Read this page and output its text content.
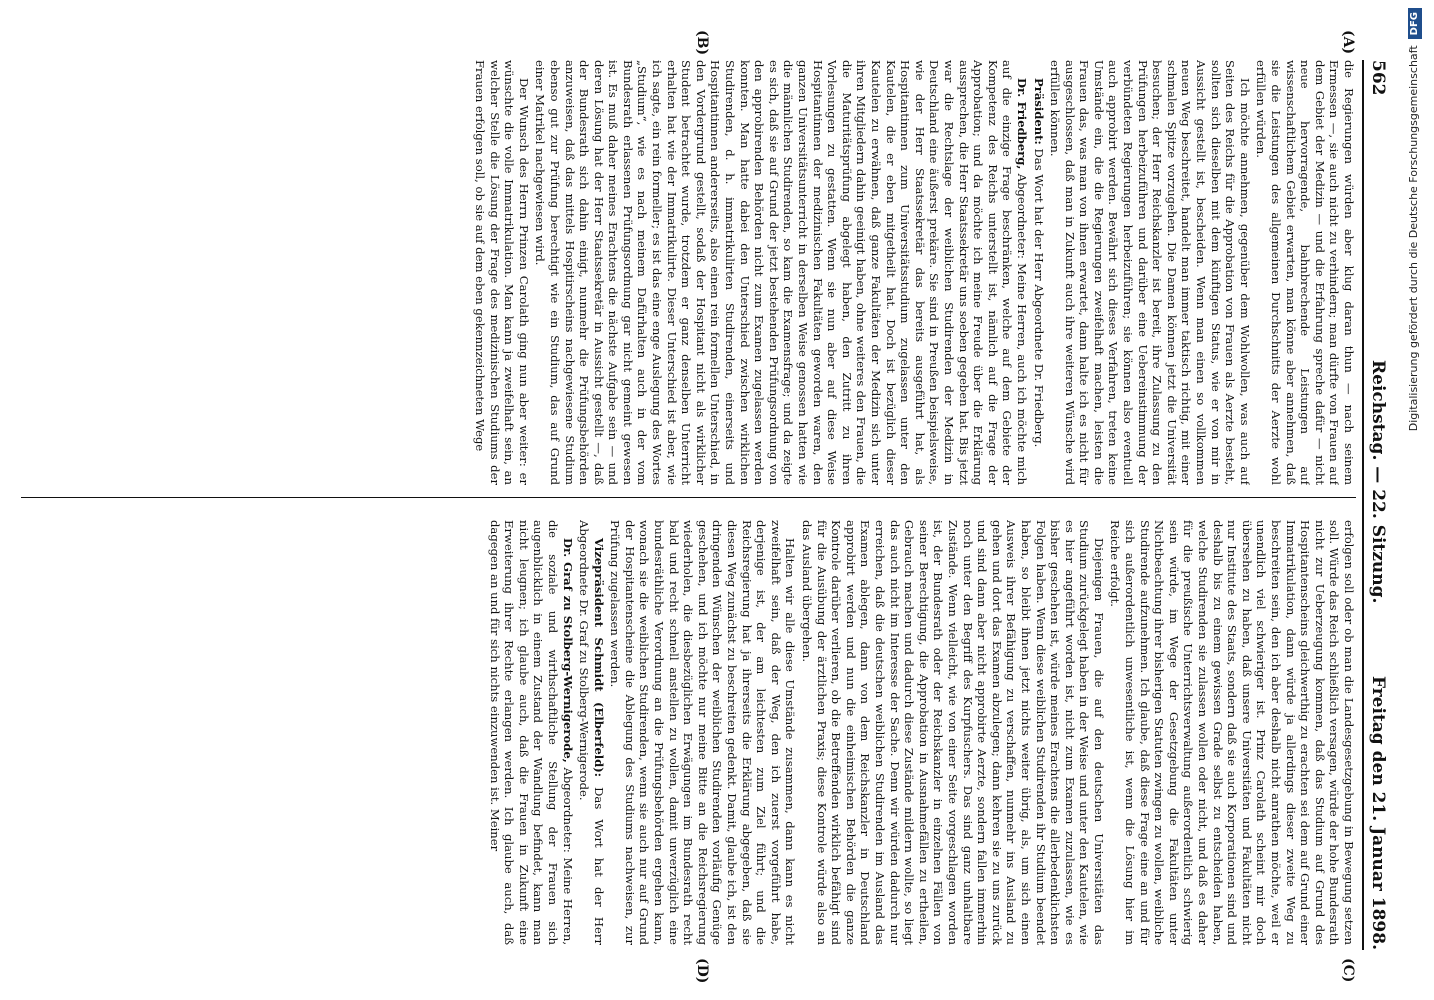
562
Reichstag. — 22. Sitzung.
Freitag den 21. Januar 1898.
(A)
(B)
(C)
(D)

die Regierungen würden aber klug daran thun — nach seinem Ermessen —, sie auch nicht zu verhindern; man dürfte von Frauen auf dem Gebiet der Medizin — und die Erfahrung spreche dafür — nicht neue hervorragende, bahnbrechende Leistungen auf wissenschaftlichem Gebiet erwarten, man könne aber annehmen, daß sie die Leistungen des allgemeinen Durchschnitts der Aerzte wohl erfüllen würden.

Ich möchte annehmen, gegenüber dem Wohlwollen, was auch auf Seiten des Reichs für die Approbation von Frauen als Aerzte besteht, sollten sich dieselben mit dem künftigen Status, wie er von mir in Aussicht gestellt ist, bescheiden. Wenn man einen so vollkommen neuen Weg beschreitet, handelt man immer taktisch richtig, mit einer schmalen Spitze vorzugehen. Die Damen können jetzt die Universität besuchen; der Herr Reichskanzler ist bereit, ihre Zulassung zu den Prüfungen herbeizuführen und darüber eine Uebereinstimmung der verbündeten Regierungen herbeizuführen; sie können also eventuell auch approbirt werden. Bewährt sich dieses Verfahren, treten keine Umstände ein, die die Regierungen zweifelhaft machen, leisten die Frauen das, was man von ihnen erwartet, dann halte ich es nicht für ausgeschlossen, daß man in Zukunft auch ihre weiteren Wünsche wird erfüllen können.

Präsident: Das Wort hat der Herr Abgeordnete Dr. Friedberg.

Dr. Friedberg, Abgeordneter: Meine Herren, auch ich möchte mich auf die einzige Frage beschränken, welche auf dem Gebiete der Kompetenz des Reichs unterstellt ist, nämlich auf die Frage der Approbation; und da möchte ich meine Freude über die Erklärung aussprechen, die Herr Staatssekretär uns soeben gegeben hat. Bis jetzt war die Rechtslage der weiblichen Studirenden der Medizin in Deutschland eine äußerst prekäre. Sie sind in Preußen beispielsweise, wie der Herr Staatssekretär das bereits ausgeführt hat, als Hospitantinnen zum Universitätsstudium zugelassen unter den Kautelen, die er eben mitgetheilt hat. Doch ist bezüglich dieser Kautelen zu erwähnen, daß ganze Fakultäten der Medizin sich unter ihren Mitgliedern dahin geeinigt haben, ohne weiteres den Frauen, die die Maturitätsprüfung abgelegt haben, den Zutritt zu ihren Vorlesungen zu gestatten. Wenn sie nun aber auf diese Weise Hospitantinnen der medizinischen Fakultäten geworden waren, den ganzen Universitätsunterricht in derselben Weise genossen hatten wie die männlichen Studirenden, so kam die Examensfrage; und da zeigte es sich, daß sie auf Grund der jetzt bestehenden Prüfungsordnung von den approbirenden Behörden nicht zum Examen zugelassen werden konnten. Man hatte dabei den Unterschied zwischen wirklichen Studirenden, d. h. immatrikulirten Studirenden, einerseits und Hospitantinnen andererseits, also einen rein formellen Unterschied, in den Vordergrund gestellt, sodaß der Hospitant nicht als wirklicher Student betrachtet wurde, trotzdem er ganz denselben Unterricht erhalten hat wie der Immatrikulirte. Dieser Unterschied ist aber, wie ich sagte, ein rein formeller; es ist das eine enge Auslegung des Wortes „Studium“, wie es nach meinem Dafürhalten auch in der vom Bundesrath erlassenen Prüfungsordnung gar nicht gemeint gewesen ist. Es muß daher meines Erachtens die nächste Aufgabe sein — und deren Lösung hat der Herr Staatssekretär in Aussicht gestellt —, daß der Bundesrath sich dahin einigt, nunmehr die Prüfungsbehörden anzuweisen, daß das mittels Hospitirscheins nachgewiesene Studium ebenso gut zur Prüfung berechtigt wie ein Studium, das auf Grund einer Matrikel nachgewiesen wird.

Der Wunsch des Herrn Prinzen Carolath ging nun aber weiter: er wünschte die volle Immatrikulation. Man kann ja zweifelhaft sein, an welcher Stelle die Lösung der Frage des medizinischen Studiums der Frauen erfolgen soll, ob sie auf dem eben gekennzeichneten Wege

erfolgen soll oder ob man die Landesgesetzgebung in Bewegung setzen soll. Würde das Reich schließlich versagen, würde der hohe Bundesrath nicht zur Ueberzeugung kommen, daß das Studium auf Grund des Hospitantenscheins gleichwerthig zu erachten sei dem auf Grund einer Immatrikulation, dann würde ja allerdings dieser zweite Weg zu beschreiten sein, den ich aber deshalb nicht anrathen möchte, weil er unendlich viel schwieriger ist. Prinz Carolath scheint mir doch übersehen zu haben, daß unsere Universitäten und Fakultäten nicht nur Institute des Staats, sondern daß sie auch Korporationen sind und deshalb bis zu einem gewissen Grade selbst zu entscheiden haben, welche Studirenden sie zulassen wollen oder nicht, und daß es daher für die preußische Unterrichtsverwaltung außerordentlich schwierig sein würde, im Wege der Gesetzgebung die Fakultäten unter Nichtbeachtung ihrer bisherigen Statuten zwingen zu wollen, weibliche Studirende aufzunehmen. Ich glaube, daß diese Frage eine an und für sich außerordentlich unwesentliche ist, wenn die Lösung hier im Reiche erfolgt.

Diejenigen Frauen, die auf den deutschen Universitäten das Studium zurückgelegt haben in der Weise und unter den Kautelen, wie es hier angeführt worden ist, nicht zum Examen zuzulassen, wie es bisher geschehen ist, würde meines Erachtens die allerbedenklichsten Folgen haben. Wenn diese weiblichen Studirenden ihr Studium beendet haben, so bleibt ihnen jetzt nichts weiter übrig, als, um sich einen Ausweis ihrer Befähigung zu verschaffen, nunmehr ins Ausland zu gehen und dort das Examen abzulegen; dann kehren sie zu uns zurück und sind dann aber nicht approbirte Aerzte, sondern fallen immerhin noch unter den Begriff des Kurpfuschers. Das sind ganz unhaltbare Zustände. Wenn vielleicht, wie von einer Seite vorgeschlagen worden ist, der Bundesrath oder der Reichskanzler in einzelnen Fällen von seiner Berechtigung, die Approbation in Ausnahmefällen zu ertheilen, Gebrauch machen und dadurch diese Zustände mildern wollte, so liegt das auch nicht im Interesse der Sache. Denn wir würden dadurch nur erreichen, daß die deutschen weiblichen Studirenden im Ausland das Examen ablegen, dann von dem Reichskanzler in Deutschland approbirt werden und nun die einheimischen Behörden die ganze Kontrole darüber verlieren, ob die Betreffenden wirklich befähigt sind für die Ausübung der ärztlichen Praxis; diese Kontrole würde also an das Ausland übergehen.

Halten wir alle diese Umstände zusammen, dann kann es nicht zweifelhaft sein, daß der Weg, den ich zuerst vorgeführt habe, derjenige ist, der am leichtesten zum Ziel führt; und die Reichsregierung hat ja ihrerseits die Erklärung abgegeben, daß sie diesen Weg zunächst zu beschreiten gedenkt. Damit, glaube ich, ist den dringenden Wünschen der weiblichen Studirenden vorläufig Genüge geschehen, und ich möchte nur meine Bitte an die Reichsregierung wiederholen, die diesbezüglichen Erwägungen im Bundesrath recht bald und recht schnell anstellen zu wollen, damit unverzüglich eine bundesräthliche Verordnung an die Prüfungsbehörden ergehen kann, wonach sie die weiblichen Studirenden, wenn sie auch nur auf Grund der Hospitantenscheine die Ablegung des Studiums nachweisen, zur Prüfung zugelassen werden.

Vizepräsident Schmidt (Elberfeld): Das Wort hat der Herr Abgeordnete Dr. Graf zu Stolberg-Wernigerode.

Dr. Graf zu Stolberg-Wernigerode, Abgeordneter: Meine Herren, die soziale und wirthschaftliche Stellung der Frauen sich augenblicklich in einem Zustand der Wandlung befindet, kann man nicht leugnen; ich glaube auch, daß die Frauen in Zukunft eine Erweiterung ihrer Rechte erlangen werden. Ich glaube auch, daß dagegen an und für sich nichts einzuwenden ist. Meiner

Digitalisierung gefördert durch die Deutsche ForschungsgemeinschaftDFG
